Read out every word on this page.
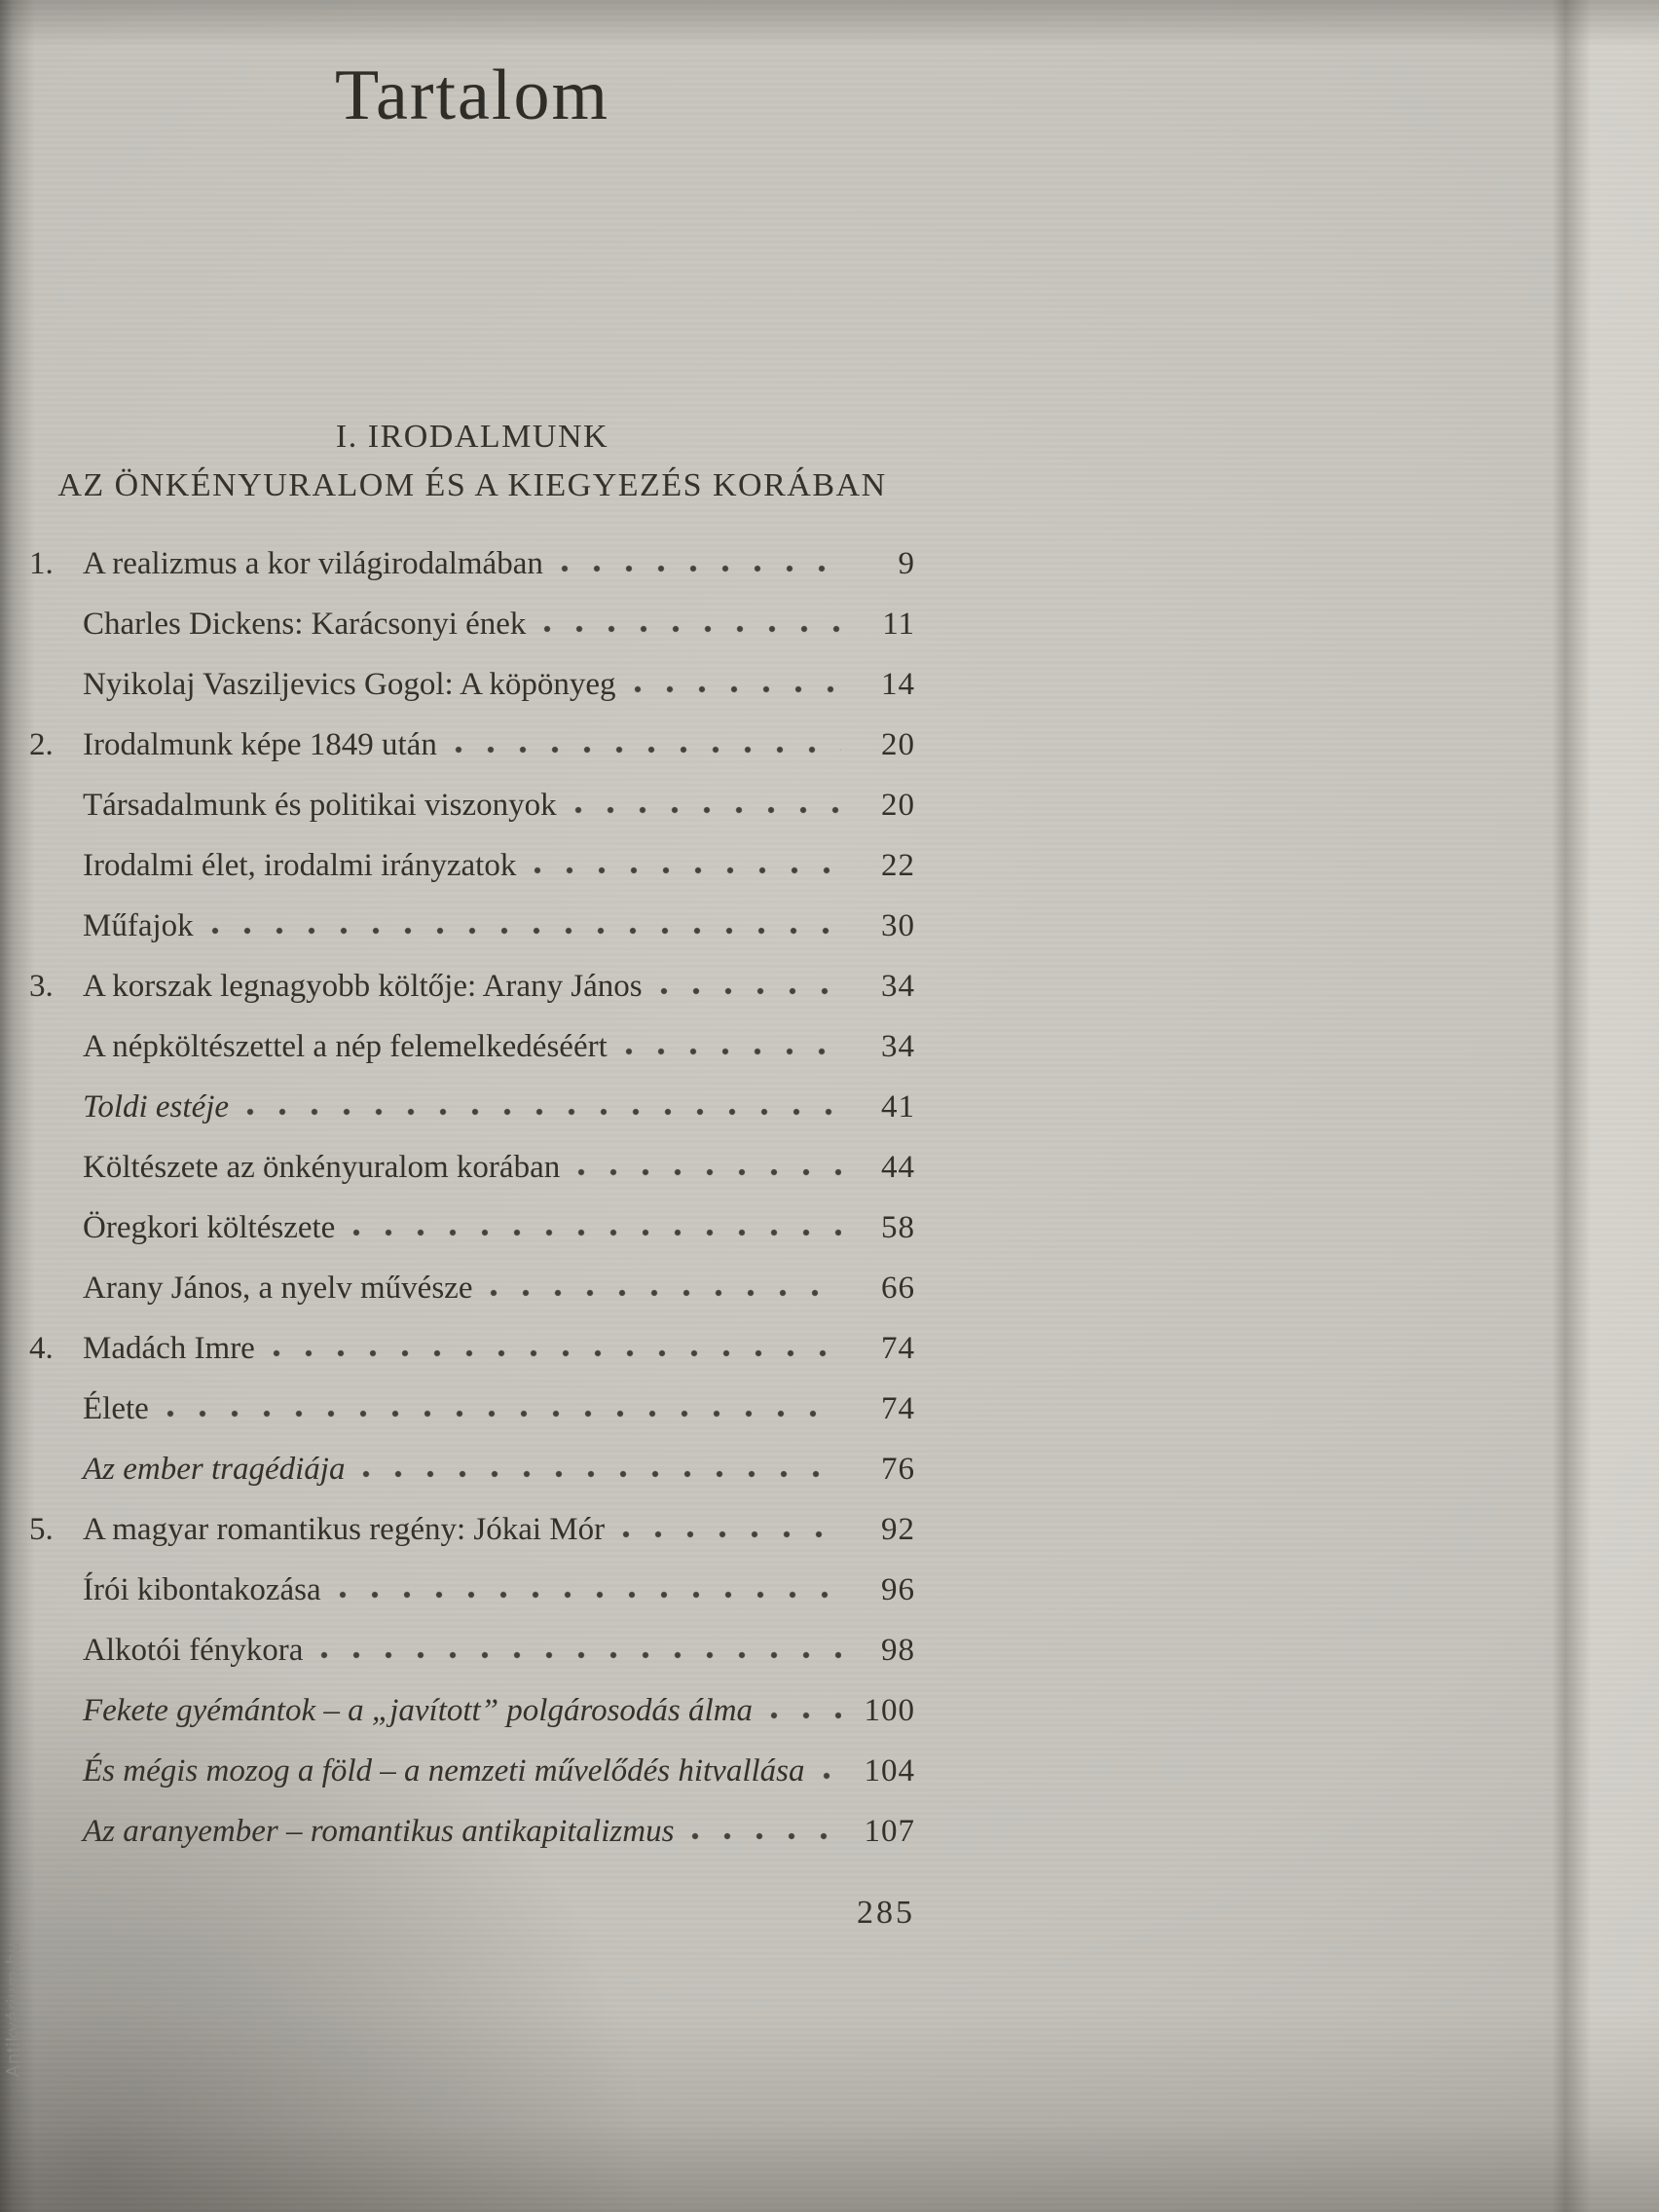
Tartalom
I. IRODALMUNK
AZ ÖNKÉNYURALOM ÉS A KIEGYEZÉS KORÁBAN
1. A realizmus a kor világirodalmában	9
Charles Dickens: Karácsonyi ének	11
Nyikolaj Vasziljevics Gogol: A köpönyeg	14
2. Irodalmunk képe 1849 után	20
Társadalmunk és politikai viszonyok	20
Irodalmi élet, irodalmi irányzatok	22
Műfajok	30
3. A korszak legnagyobb költője: Arany János	34
A népköltészettel a nép felemelkedéséért	34
Toldi estéje	41
Költészete az önkényuralom korában	44
Öregkori költészete	58
Arany János, a nyelv művésze	66
4. Madách Imre	74
Élete	74
Az ember tragédiája	76
5. A magyar romantikus regény: Jókai Mór	92
Írói kibontakozása	96
Alkotói fénykora	98
Fekete gyémántok – a „javított” polgárosodás álma	100
És mégis mozog a föld – a nemzeti művelődés hitvallása	104
Az aranyember – romantikus antikapitalizmus	107
285
Antikvárium.hu
